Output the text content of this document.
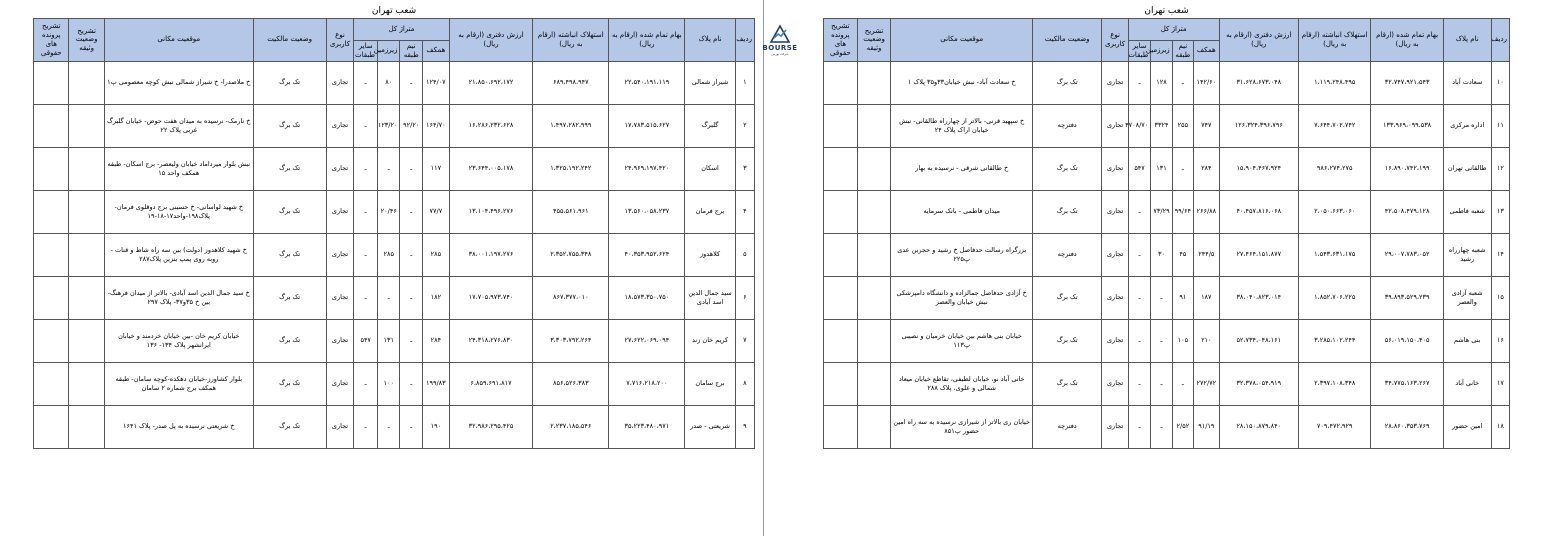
شعب تهران
ردیف	نام پلاک	بهام تمام شده (ارقام به ریال)	استهلاک انباشته (ارقام به ریال)	ارزش دفتری (ارقام به ریال)	متراژ کل				نوع کاربری	وضعیت مالکیت	موقعیت مکانی	تشریح وضعیت وثیقه	تشریح پرونده های حقوقی
					همکف	نیم طبقه	زیرزمین	سایر طبقات					
۱	شیراز شمالی	۲۲،۵۴۰،۱۹۱،۱۱۹	۶۸۹،۴۹۸،۹۴۷	۲۱،۸۵۰،۶۹۲،۱۷۲	۱۲۴/۰۷	ـ	۸۰	ـ	تجاری	تک برگ	خ ملاصدرا- خ شیراز شمالی نبش کوچه معصومی پ۱		
۲	گلبرگ	۱۷،۷۸۳،۵۱۵،۶۲۷	۱،۴۹۷،۲۸۲،۹۹۹	۱۶،۲۸۶،۲۳۲،۶۲۸	۱۶۴/۷۰	۹۲/۲۰	۱۲۳/۲۰	ـ	تجاری	تک برگ	خ نارمک- نرسیده به میدان هفت حوض- خیابان گلبرگ غربی پلاک ۲۲		
۳	اسکان	۲۴،۹۶۹،۱۹۷،۴۲۰	۱،۳۲۵،۱۹۲،۲۴۲	۲۳،۶۴۴،۰۰۵،۱۷۸	۱۱۷	ـ	ـ	ـ	تجاری	تک برگ	نبش بلوار میرداماد خیابان ولیعصر- برج اسکان- طبقه همکف واحد ۱۵		
۴	برج فرمان	۱۳،۵۶۰،۰۵۸،۲۳۷	۴۵۵،۵۶۱،۹۶۱	۱۳،۱۰۴،۴۹۶،۲۷۶	۷۷/۷	ـ	۲۰/۴۶	ـ	تجاری	تک برگ	خ شهید لواسانی- خ حسینی برج دوقلوی فرمان- پلاک۱۹۸-واحد۱۷-۱۸-۱۹		
۵	کلاهدوز	۴۰،۳۵۳،۹۵۲،۶۲۴	۲،۳۵۲،۷۵۵،۳۴۸	۳۸،۰۰۱،۱۹۷،۲۷۶	۲۸۵	ـ	۲۸۵	ـ	تجاری	تک برگ	خ شهید کلاهدوز (دولت) بین سه راه شاط و قنات - روبه روی پمپ بنزین پلاک۲۸۷		
۶	سید جمال الدین اسد آبادی	۱۸،۵۷۳،۳۵۰،۷۵۰	۸۶۷،۳۷۷،۰۱۰	۱۷،۷۰۵،۹۷۳،۷۴۰	۱۸۲	ـ	ـ	ـ	تجاری	تک برگ	خ سید جمال الدین اسد آبادی- بالاتر از میدان فرهنگ- بین خ ۳۵و۳۷- پلاک ۲۹۷		
۷	کریم خان زند	۲۷،۶۲۲،۰۶۹،۰۹۴	۳،۳۰۳،۷۹۲،۲۶۴	۲۴،۳۱۸،۲۷۶،۸۳۰	۲۸۴	ـ	۱۳۱	۵۴۷	تجاری	تک برگ	خیابان کریم خان -بین خیابان خردمند و خیابان ایرانشهر پلاک ۱۳۴- ۱۳۶		
۸	برج سامان	۷،۷۱۶،۲۱۸،۲۰۰	۸۵۶،۵۲۶،۳۸۳	۶،۸۵۹،۶۹۱،۸۱۷	۱۹۹/۸۳	ـ	۱۰۰	ـ	تجاری	تک برگ	بلوار کشاورز-خیابان دهکده-کوچه سامان- طبقه همکف برج شماره ۲ سامان		
۹	شریعتی - صدر	۳۵،۲۲۳،۴۸۰،۹۷۱	۲،۲۳۷،۱۸۵،۵۴۶	۳۲،۹۸۶،۲۹۵،۴۲۵	۱۹۰	ـ	ـ	ـ	تجاری	تک برگ	خ شریعتی نرسیده به پل صدر- پلاک ۱۶۴۱		
BOURSE
شرکت بورس
شعب تهران
ردیف	نام پلاک	بهام تمام شده (ارقام به ریال)	استهلاک انباشته (ارقام به ریال)	ارزش دفتری (ارقام به ریال)	متراژ کل				نوع کاربری	وضعیت مالکیت	موقعیت مکانی	تشریح وضعیت وثیقه	تشریح پرونده های حقوقی
					همکف	نیم طبقه	زیرزمین	سایر طبقات					
۱۰	سعادت آباد	۳۲،۷۴۷،۹۲۱،۵۴۳	۱،۱۱۹،۲۴۸،۴۹۵	۳۱،۶۲۸،۶۷۳،۰۴۸	۱۴۲/۶۰	ـ	۱۲۸	ـ	تجاری	تک برگ	خ سعادت آباد- نبش خیابان۳۳و۳۵ پلاک ۱		
۱۱	اداره مرکزی	۱۳۳،۹۶۹،۰۹۹،۵۳۸	۷،۶۴۴،۷۰۲،۷۴۲	۱۲۶،۳۲۴،۳۹۶،۷۹۶	۷۴۷	۲۵۵	۳۳۲۴	۴۷۰۸/۷۰	تجاری	دفترچه	خ سپهبد قرنی- بالاتر از چهارراه طالقانی- نبش خیابان اراک پلاک ۲۴		
۱۲	طالقانی تهران	۱۶،۸۹۰،۷۴۲،۱۹۹	۹۸۶،۲۷۴،۲۷۵	۱۵،۹۰۴،۴۶۷،۹۲۴	۲۸۴	ـ	۱۳۱	۵۴۷	تجاری	تک برگ	خ طالقانی شرقی - نرسیده به بهار		
۱۳	شعبه فاطمی	۴۲،۵۰۸،۴۷۹،۱۲۸	۲،۰۵۰،۶۶۳،۰۶۰	۴۰،۴۵۷،۸۱۶،۰۶۸	۲۶۶/۸۸	۹۹/۶۴	۷۳/۲۹	ـ	تجاری	تک برگ	میدان فاطمی - بانک سرمایه		
۱۴	شعبه چهارراه رشید	۲۹،۰۰۷،۷۸۳،۰۵۲	۱،۵۴۳،۶۳۱،۱۷۵	۲۷،۴۶۴،۱۵۱،۸۷۷	۲۴۴/۵	۴۵	۳۰	ـ	تجاری	دفترچه	بزرگراه رسالت حدفاصل خ رشید و حجربن عدی پ۲۲۵		
۱۵	شعبه آزادی والعصر	۳۹،۸۹۳،۵۲۹،۲۳۹	۱،۸۵۲،۷۰۶،۲۲۵	۳۸،۰۴۰،۸۲۳،۰۱۴	۱۸۷	۹۱	ـ	ـ	تجاری	تک برگ	خ آزادی حدفاصل جمالزاده و دانشگاه دامپزشکی نبش خیابان والعصر		
۱۶	بنی هاشم	۵۶،۰۱۹،۱۵۰،۴۰۵	۳،۲۸۵،۱۰۲،۲۴۴	۵۲،۷۳۴،۰۴۸،۱۶۱	۲۱۰	۱۰۵	ـ	ـ	تجاری	تک برگ	خیابان بنی هاشم بین خیابان خرمیان و نصیبی پ۱۱۳		
۱۷	خانی آباد	۳۴،۷۷۵،۱۶۳،۲۶۷	۲،۳۹۷،۱۰۸،۳۴۸	۳۲،۳۷۸،۰۵۴،۹۱۹	۲۷۲/۷۲	ـ	ـ	ـ	تجاری	تک برگ	خانی آباد نو، خیابان لطیفی، تقاطع خیابان میعاد شمالی و علوی، پلاک ۲۸۸		
۱۸	امین حضور	۲۸،۸۶۰،۳۵۳،۷۶۹	۷۰۹،۴۷۲،۹۲۹	۲۸،۱۵۰،۸۷۹،۸۴۰	۹۱/۱۹	۲/۵۲	ـ	ـ	تجاری	دفترچه	خیابان ری بالاتر از شیرازی نرسیده به سه راه امین حضور پ۸۵۱		
